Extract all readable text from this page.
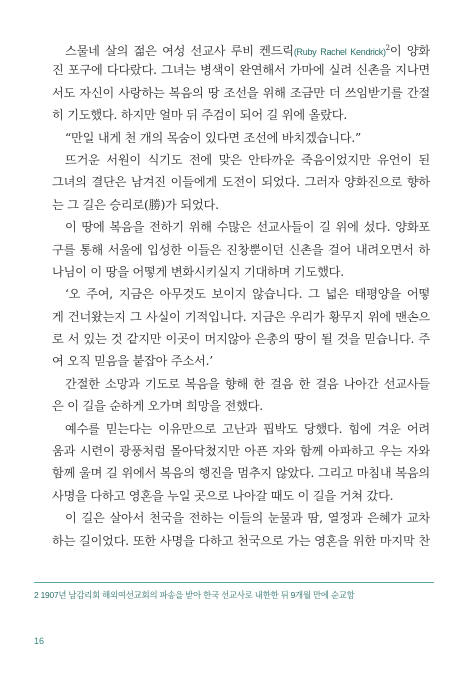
스물네 살의 젊은 여성 선교사 루비 켄드릭(Ruby Rachel Kendrick)$^2$이 양화
진 포구에 다다랐다. 그녀는 병색이 완연해서 가마에 실려 신촌을 지나면
서도 자신이 사랑하는 복음의 땅 조선을 위해 조금만 더 쓰임받기를 간절
히 기도했다. 하지만 얼마 뒤 주검이 되어 길 위에 올랐다.
“만일 내게 천 개의 목숨이 있다면 조선에 바치겠습니다.”
뜨거운 서원이 식기도 전에 맞은 안타까운 죽음이었지만 유언이 된
그녀의 결단은 남겨진 이들에게 도전이 되었다. 그러자 양화진으로 향하
는 그 길은 승리로(勝)가 되었다.
이 땅에 복음을 전하기 위해 수많은 선교사들이 길 위에 섰다. 양화포
구를 통해 서울에 입성한 이들은 진창뿐이던 신촌을 걸어 내려오면서 하
나님이 이 땅을 어떻게 변화시키실지 기대하며 기도했다.
‘오 주여, 지금은 아무것도 보이지 않습니다. 그 넓은 태평양을 어떻
게 건너왔는지 그 사실이 기적입니다. 지금은 우리가 황무지 위에 맨손으
로 서 있는 것 같지만 이곳이 머지않아 은총의 땅이 될 것을 믿습니다. 주
여 오직 믿음을 붙잡아 주소서.’
간절한 소망과 기도로 복음을 향해 한 걸음 한 걸음 나아간 선교사들
은 이 길을 순하게 오가며 희망을 전했다.
예수를 믿는다는 이유만으로 고난과 핍박도 당했다. 힘에 겨운 어려
움과 시련이 광풍처럼 몰아닥쳤지만 아픈 자와 함께 아파하고 우는 자와
함께 울며 길 위에서 복음의 행진을 멈추지 않았다. 그리고 마침내 복음의
사명을 다하고 영혼을 누일 곳으로 나아갈 때도 이 길을 거쳐 갔다.
이 길은 살아서 천국을 전하는 이들의 눈물과 땀, 열정과 은혜가 교차
하는 길이었다. 또한 사명을 다하고 천국으로 가는 영혼을 위한 마지막 찬
2 1907년 남감리회 해외여선교회의 파송을 받아 한국 선교사로 내한한 뒤 9개월 만에 순교함
16
